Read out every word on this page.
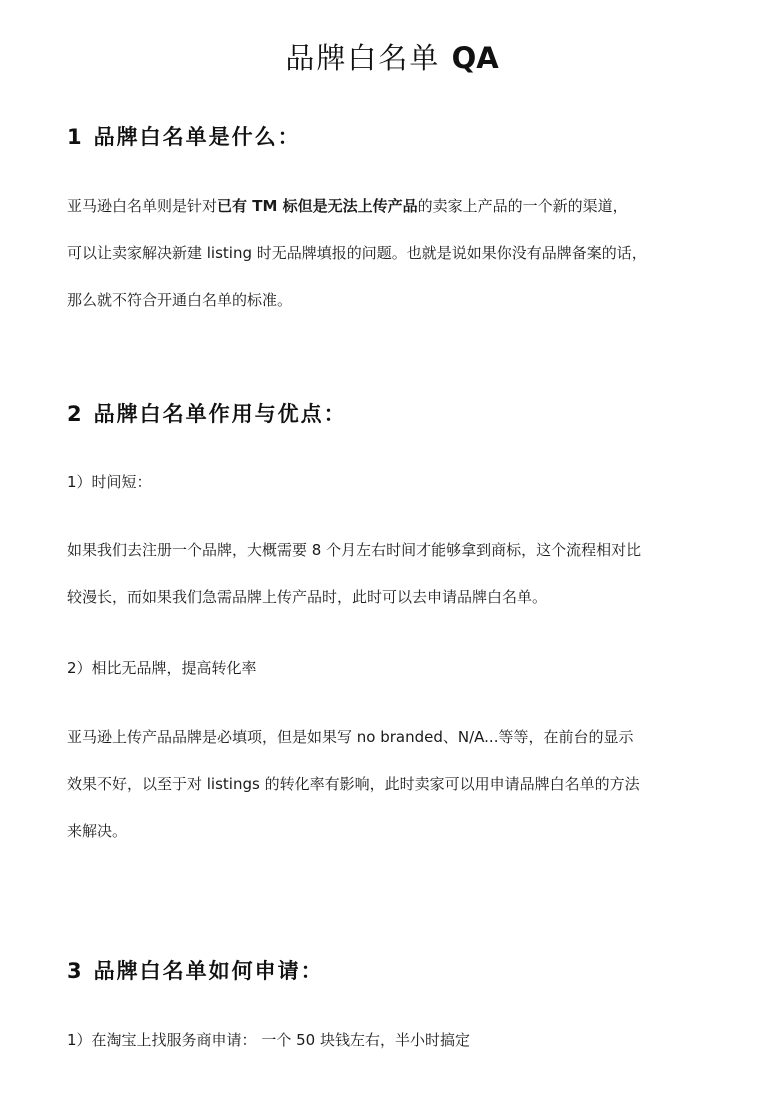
品牌白名单 QA
1 品牌白名单是什么：
亚马逊白名单则是针对已有 TM 标但是无法上传产品的卖家上产品的一个新的渠道，
可以让卖家解决新建 listing 时无品牌填报的问题。也就是说如果你没有品牌备案的话，
那么就不符合开通白名单的标准。
2 品牌白名单作用与优点：

1）时间短：

如果我们去注册一个品牌，大概需要 8 个月左右时间才能够拿到商标，这个流程相对比
较漫长，而如果我们急需品牌上传产品时，此时可以去申请品牌白名单。

2）相比无品牌，提高转化率

亚马逊上传产品品牌是必填项，但是如果写 no branded、N/A...等等，在前台的显示
效果不好，以至于对 listings 的转化率有影响，此时卖家可以用申请品牌白名单的方法
来解决。
3 品牌白名单如何申请：

1）在淘宝上找服务商申请： 一个 50 块钱左右，半小时搞定
